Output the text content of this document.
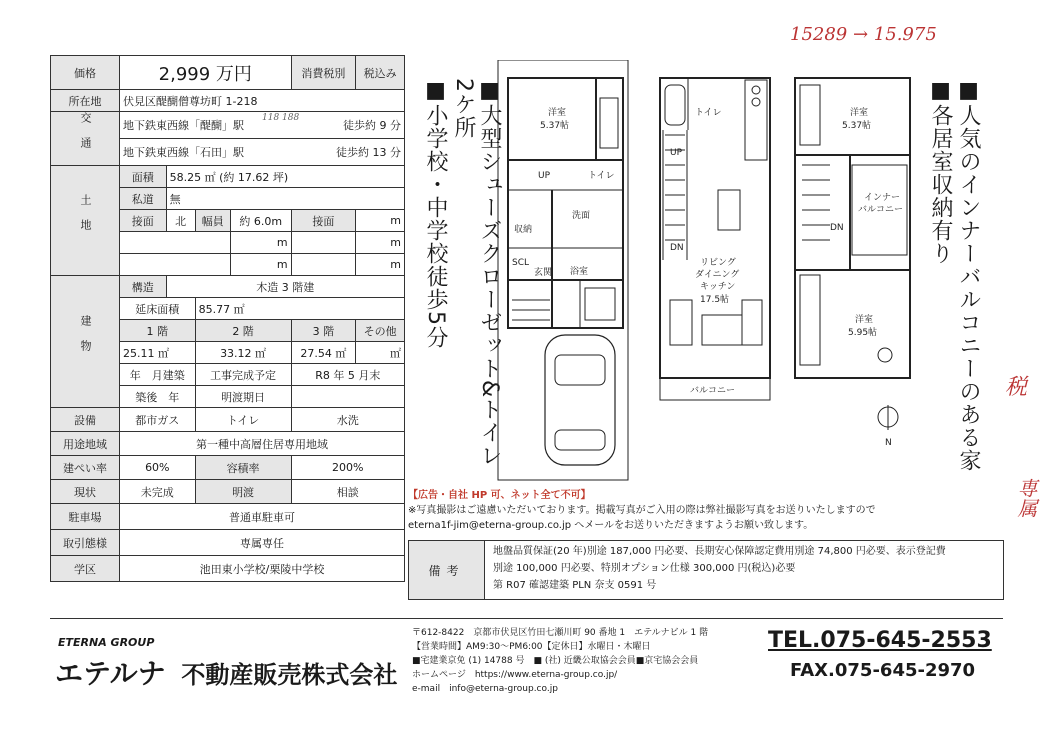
15289 → 15.975
税
専属
118 188
価格	2,999 万円				消費税別	税込み
所在地	伏見区醍醐僧尊坊町 1-218					
交通	地下鉄東西線「醍醐」駅				徒歩約 9 分	
	地下鉄東西線「石田」駅				徒歩約 13 分	
土地	面積	58.25 ㎡ (約 17.62 坪)				
	私道	無				
	接面	北	幅員	約 6.0m	接面	m
				m		m
				m		m
建物	構造	木造 3 階建				
	延床面積		85.77 ㎡			
	1 階		2 階		3 階	その他
	25.11 ㎡		33.12 ㎡		27.54 ㎡	㎡
	年　月建築		工事完成予定		R8 年 5 月末	
	築後　年		明渡期日			
設備	都市ガス		トイレ		水洗	
用途地域	第一種中高層住居専用地域					
建ぺい率	60%		容積率		200%	
現状	未完成		明渡		相談	
駐車場	普通車駐車可					
取引態様	専属専任					
学区	池田東小学校/栗陵中学校					
■大型シューズクローゼット&トイレ2ケ所
■小学校・中学校徒歩5分	■人気のインナーバルコニーのある家
■各居室収納有り
洋室
5.37帖
UP	トイレ
洗面
収納
SCL
玄関 浴室
トイレ
UP
DN
リビング
ダイニング
キッチン
17.5帖
バルコニー
洋室
5.37帖
インナー
バルコニー
DN
洋室
5.95帖
N
【広告・自社 HP 可、ネット全て不可】
※写真撮影はご遠慮いただいております。掲載写真がご入用の際は弊社撮影写真をお送りいたしますので
eterna1f-jim@eterna-group.co.jp へメールをお送りいただきますようお願い致します。
備考
地盤品質保証(20 年)別途 187,000 円必要、長期安心保障認定費用別途 74,800 円必要、表示登記費
別途 100,000 円必要、特別オプション仕様 300,000 円(税込)必要
第 R07 確認建築 PLN 奈支 0591 号
ETERNA GROUP
エテルナ 不動産販売株式会社
〒612-8422　京都市伏見区竹田七瀬川町 90 番地 1　エテルナビル 1 階
【営業時間】AM9:30～PM6:00【定休日】水曜日・木曜日
■宅建業京免 (1) 14788 号　■ (社) 近畿公取協会会員■京宅協会会員
ホームページ　https://www.eterna-group.co.jp/
e-mail　info@eterna-group.co.jp
TEL.075-645-2553
FAX.075-645-2970
